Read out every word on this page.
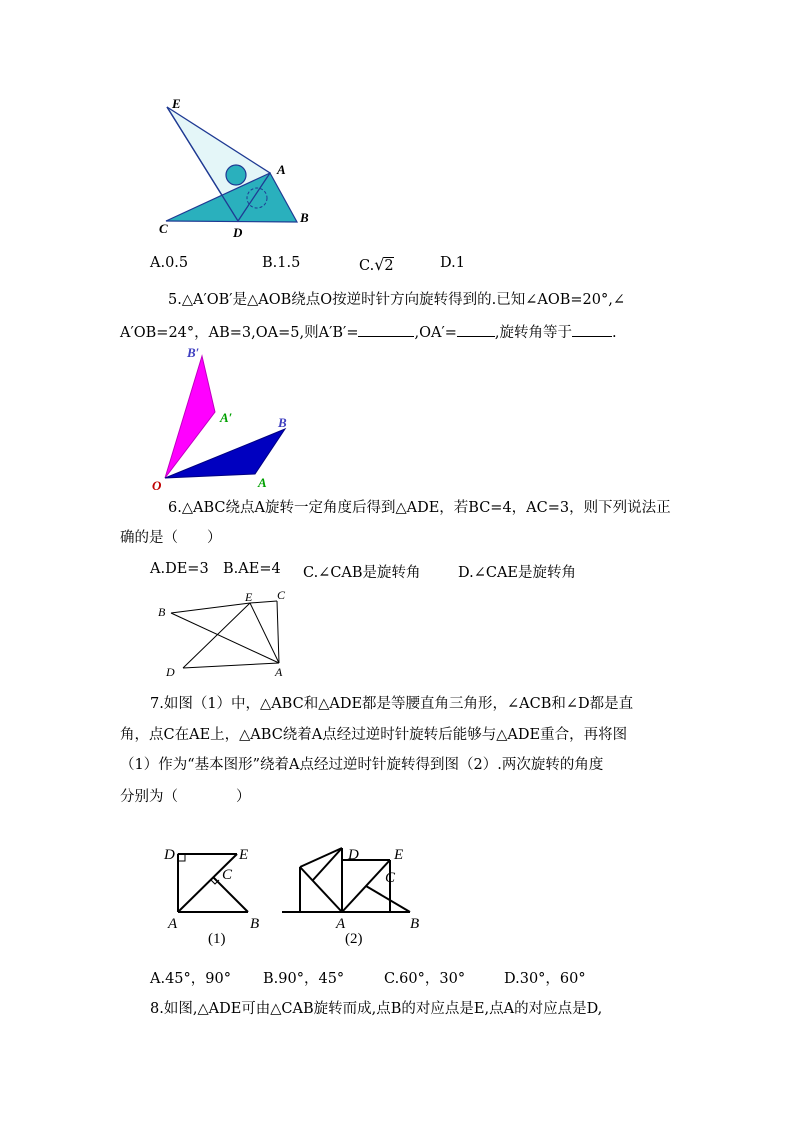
E
A
B
C	D
A.0.5	B.1.5	C.√2	D.1
5.△A′OB′是△AOB绕点O按逆时针方向旋转得到的.已知∠AOB=20°,∠
A′OB=24°，AB=3,OA=5,则A′B′=	,OA′=	,旋转角等于	.
B′
A′	B
O	A
6.△ABC绕点A旋转一定角度后得到△ADE，若BC=4，AC=3，则下列说法正
确的是（　　）
A.DE=3 B.AE=4 C.∠CAB是旋转角	D.∠CAE是旋转角
B
E C
D	A
7.如图（1）中，△ABC和△ADE都是等腰直角三角形，∠ACB和∠D都是直
角，点C在AE上，△ABC绕着A点经过逆时针旋转后能够与△ADE重合，再将图
（1）作为“基本图形”绕着A点经过逆时针旋转得到图（2）.两次旋转的角度
分别为（　　　　）
D	E
C
A	B
(1)
D E
C
A	B
(2)
A.45°，90° B.90°，45°	C.60°，30°	D.30°，60°
8.如图,△ADE可由△CAB旋转而成,点B的对应点是E,点A的对应点是D,
